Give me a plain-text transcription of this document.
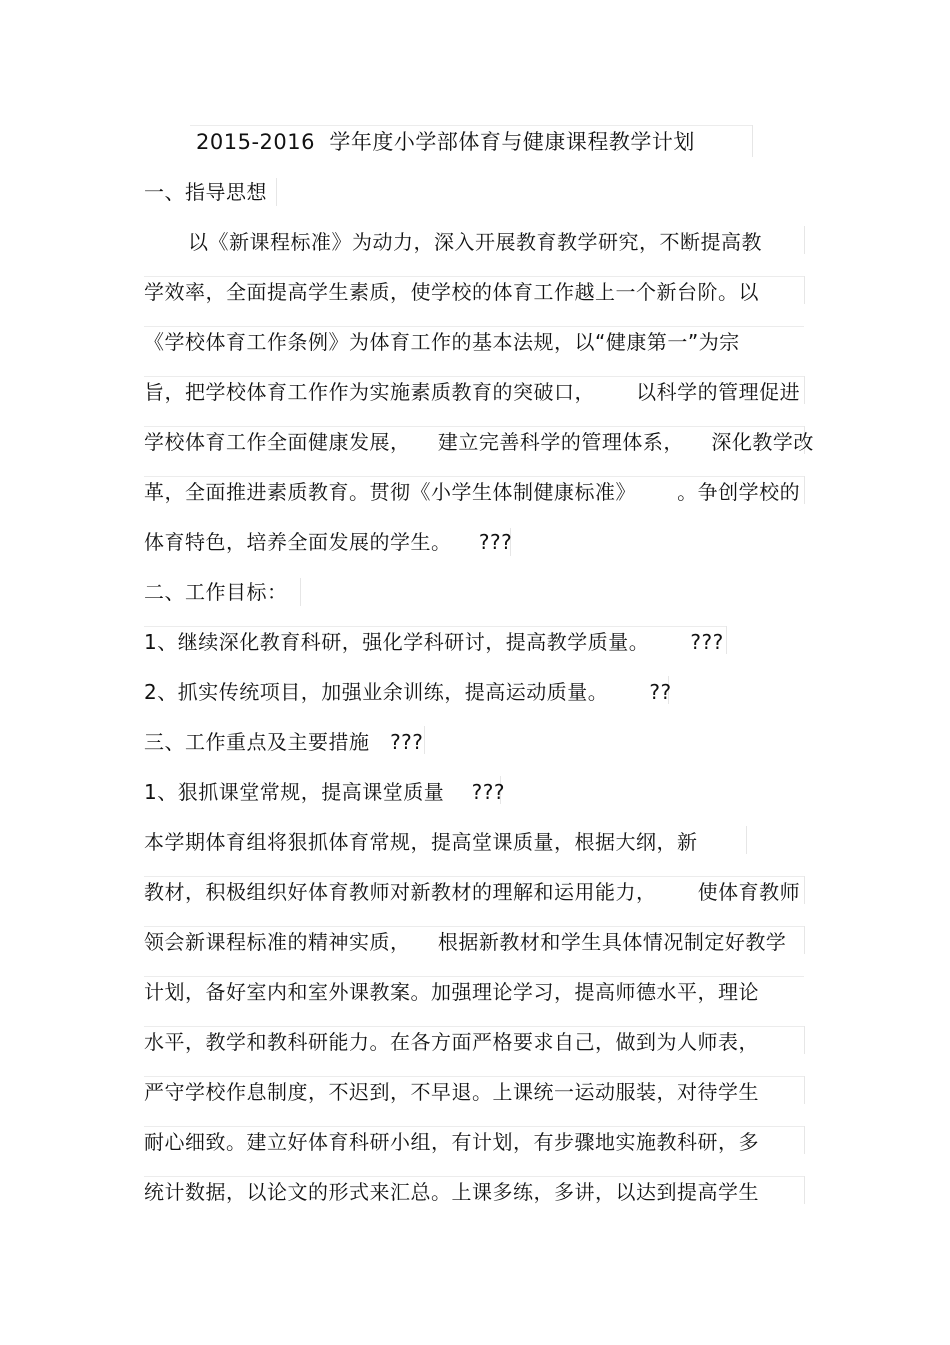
2015-2016  学年度小学部体育与健康课程教学计划
一、指导思想
以《新课程标准》为动力，深入开展教育教学研究，不断提高教
学效率，全面提高学生素质，使学校的体育工作越上一个新台阶。以
《学校体育工作条例》为体育工作的基本法规，以“健康第一”为宗
旨，把学校体育工作作为实施素质教育的突破口，      以科学的管理促进
学校体育工作全面健康发展，    建立完善科学的管理体系，    深化教学改
革，全面推进素质教育。贯彻《小学生体制健康标准》      。争创学校的
体育特色，培养全面发展的学生。    ???
二、工作目标：
1、继续深化教育科研，强化学科研讨，提高教学质量。      ???
2、抓实传统项目，加强业余训练，提高运动质量。      ??
三、工作重点及主要措施   ???
1、狠抓课堂常规，提高课堂质量    ???
本学期体育组将狠抓体育常规，提高堂课质量，根据大纲，新
教材，积极组织好体育教师对新教材的理解和运用能力，      使体育教师
领会新课程标准的精神实质，    根据新教材和学生具体情况制定好教学
计划，备好室内和室外课教案。加强理论学习，提高师德水平，理论
水平，教学和教科研能力。在各方面严格要求自己，做到为人师表，
严守学校作息制度，不迟到，不早退。上课统一运动服装，对待学生
耐心细致。建立好体育科研小组，有计划，有步骤地实施教科研，多
统计数据，以论文的形式来汇总。上课多练，多讲，以达到提高学生
